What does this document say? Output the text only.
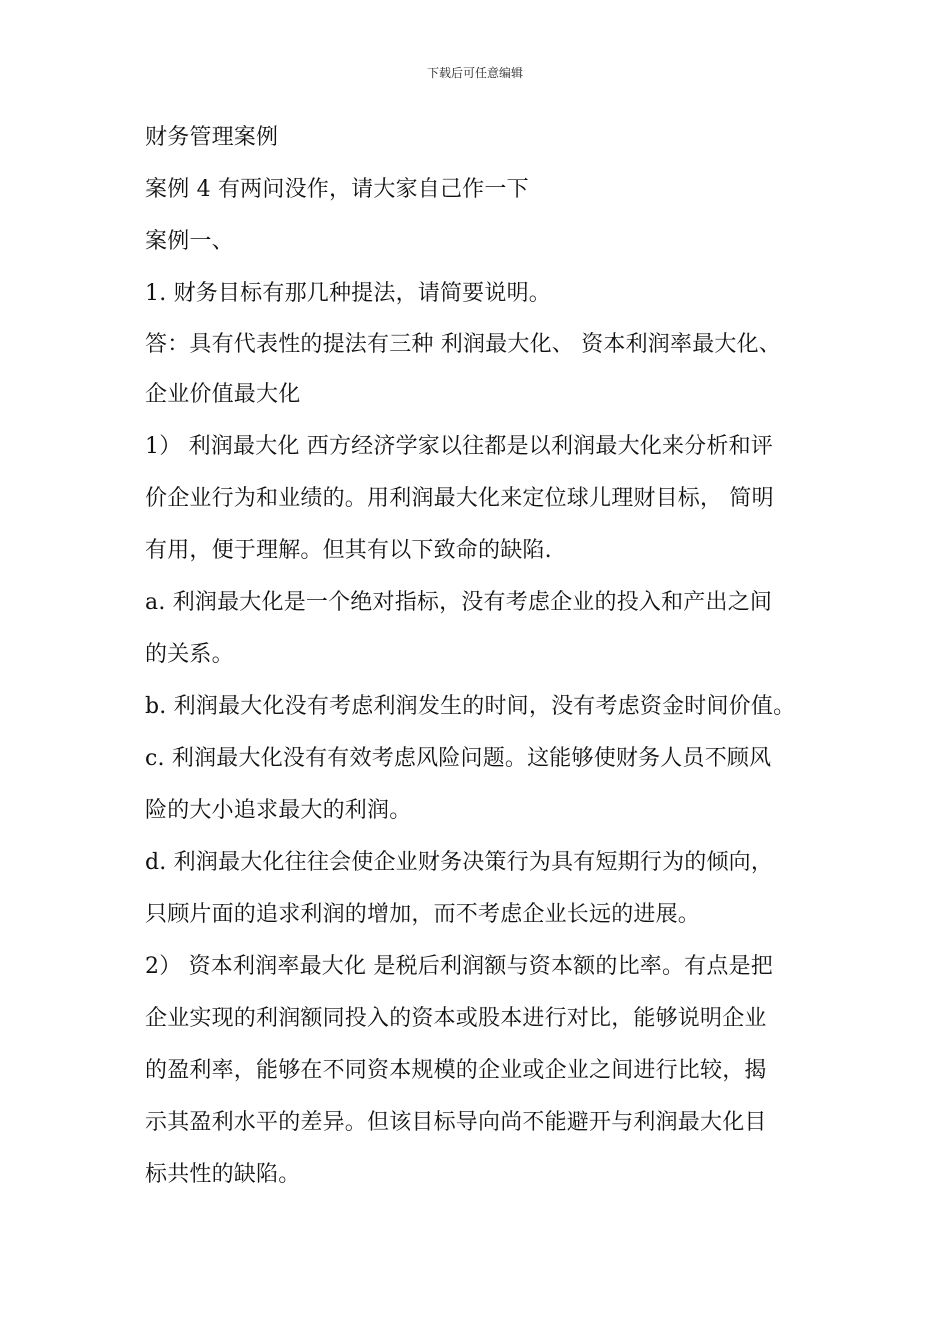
下载后可任意编辑
财务管理案例
案例 4 有两问没作，请大家自己作一下
案例一、
1. 财务目标有那几种提法，请简要说明。
答：具有代表性的提法有三种 利润最大化、 资本利润率最大化、
企业价值最大化
1） 利润最大化 西方经济学家以往都是以利润最大化来分析和评
价企业行为和业绩的。用利润最大化来定位球儿理财目标， 简明
有用，便于理解。但其有以下致命的缺陷.
a. 利润最大化是一个绝对指标，没有考虑企业的投入和产出之间
的关系。
b. 利润最大化没有考虑利润发生的时间，没有考虑资金时间价值。
c. 利润最大化没有有效考虑风险问题。这能够使财务人员不顾风
险的大小追求最大的利润。
d. 利润最大化往往会使企业财务决策行为具有短期行为的倾向，
只顾片面的追求利润的增加，而不考虑企业长远的进展。
2） 资本利润率最大化 是税后利润额与资本额的比率。有点是把
企业实现的利润额同投入的资本或股本进行对比，能够说明企业
的盈利率，能够在不同资本规模的企业或企业之间进行比较，揭
示其盈利水平的差异。但该目标导向尚不能避开与利润最大化目
标共性的缺陷。
